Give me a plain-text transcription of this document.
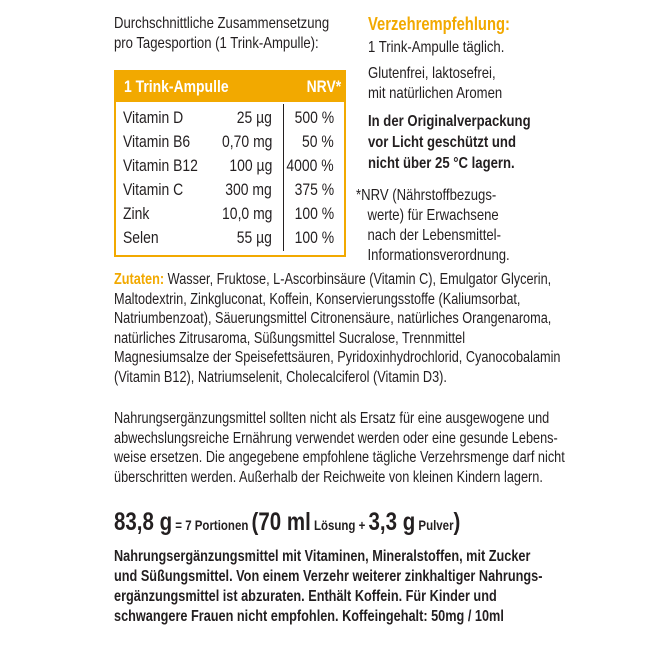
Durchschnittliche Zusammensetzung
pro Tagesportion (1 Trink-Ampulle):
1 Trink-Ampulle	NRV*
Vitamin D	25 µg 500 %
Vitamin B6 0,70 mg 50 %
Vitamin B12 100 µg 4000 %
Vitamin C 300 mg 375 %
Zink	10,0 mg 100 %
Selen	55 µg 100 %
Verzehrempfehlung:
1 Trink-Ampulle täglich.
Glutenfrei, laktosefrei,
mit natürlichen Aromen
In der Originalverpackung
vor Licht geschützt und
nicht über 25 °C lagern.
*NRV (Nährstoffbezugs-
werte) für Erwachsene
nach der Lebensmittel-
Informationsverordnung.
Zutaten: Wasser, Fruktose, L-Ascorbinsäure (Vitamin C), Emulgator Glycerin,
Maltodextrin, Zinkgluconat, Koffein, Konservierungsstoffe (Kaliumsorbat,
Natriumbenzoat), Säuerungsmittel Citronensäure, natürliches Orangenaroma,
natürliches Zitrusaroma, Süßungsmittel Sucralose, Trennmittel
Magnesiumsalze der Speisefettsäuren, Pyridoxinhydrochlorid, Cyanocobalamin
(Vitamin B12), Natriumselenit, Cholecalciferol (Vitamin D3).
Nahrungsergänzungsmittel sollten nicht als Ersatz für eine ausgewogene und
abwechslungsreiche Ernährung verwendet werden oder eine gesunde Lebens-
weise ersetzen. Die angegebene empfohlene tägliche Verzehrsmenge darf nicht
überschritten werden. Außerhalb der Reichweite von kleinen Kindern lagern.
83,8 g = 7 Portionen (70 ml Lösung + 3,3 g Pulver)
Nahrungsergänzungsmittel mit Vitaminen, Mineralstoffen, mit Zucker
und Süßungsmittel. Von einem Verzehr weiterer zinkhaltiger Nahrungs-
ergänzungsmittel ist abzuraten. Enthält Koffein. Für Kinder und
schwangere Frauen nicht empfohlen. Koffeingehalt: 50mg / 10ml
